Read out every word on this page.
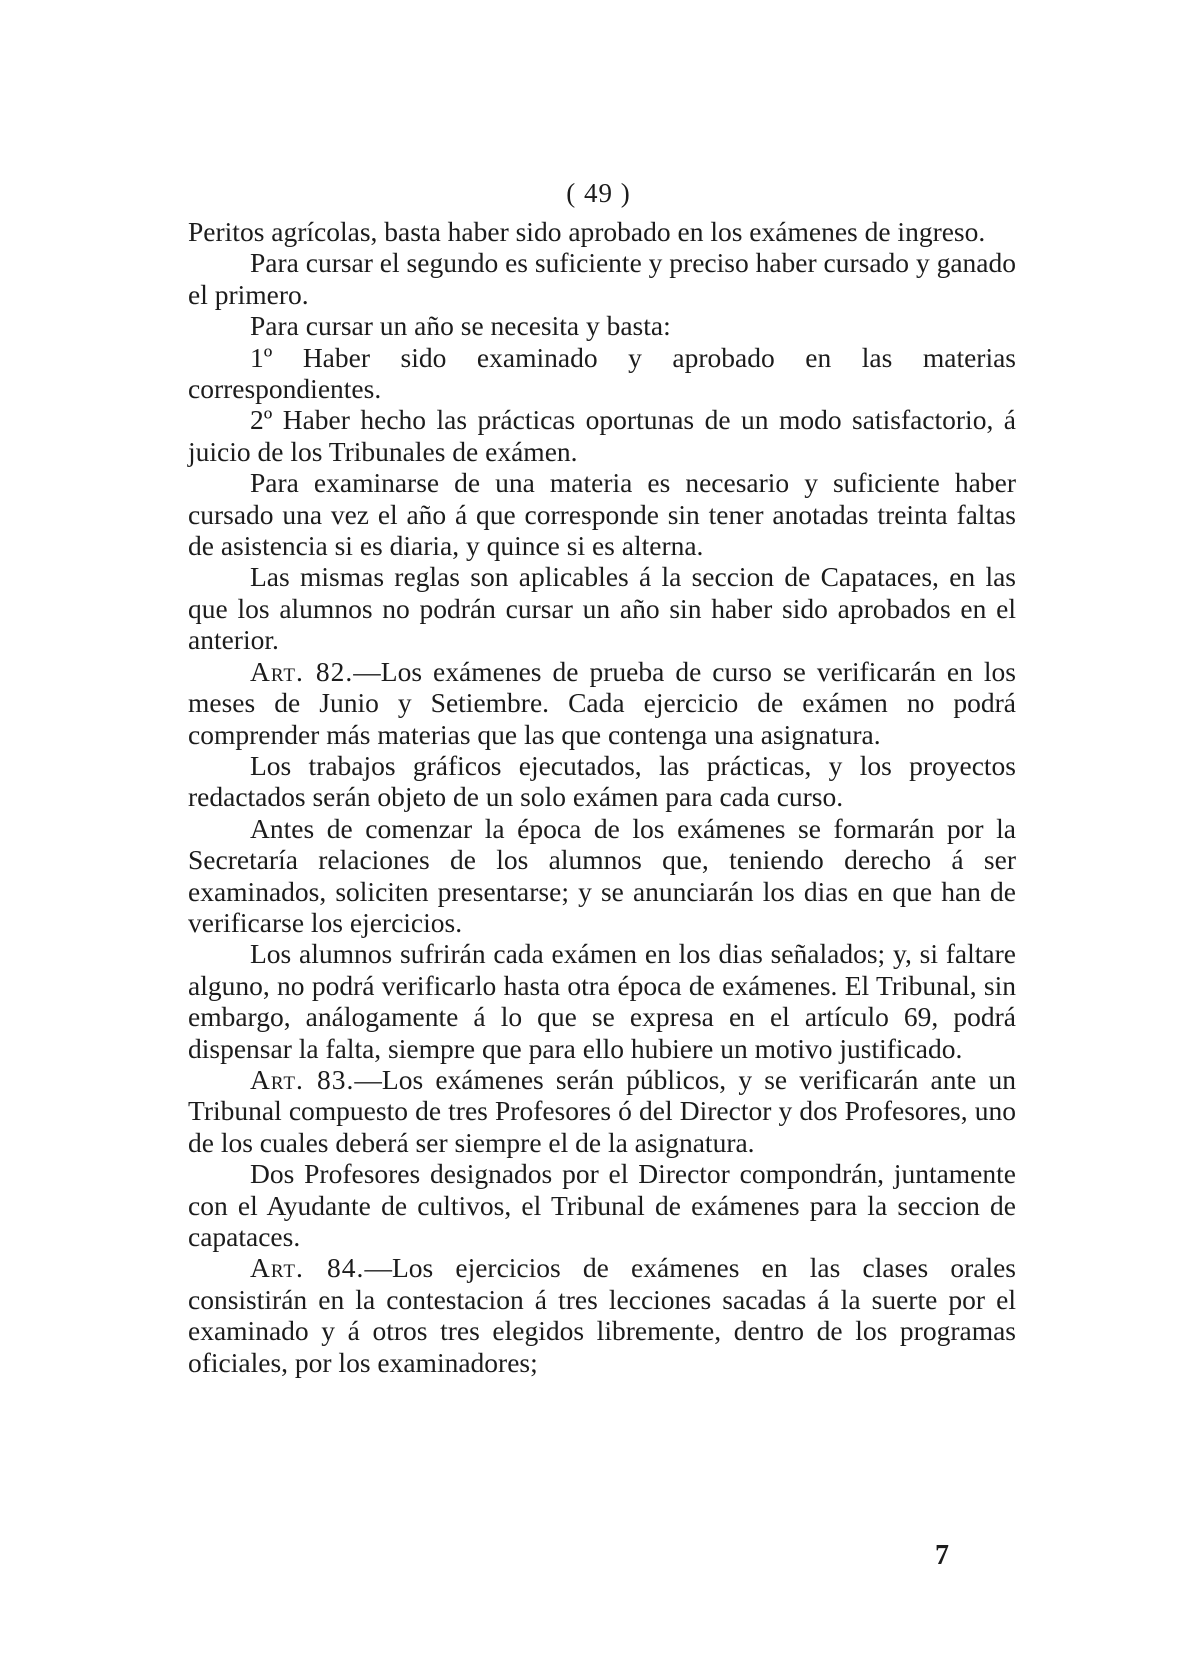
( 49 )

Peritos agrícolas, basta haber sido aprobado en los exámenes de ingreso.

Para cursar el segundo es suficiente y preciso haber cursado y ganado el primero.

Para cursar un año se necesita y basta:

1º Haber sido examinado y aprobado en las materias correspondientes.

2º Haber hecho las prácticas oportunas de un modo satisfactorio, á juicio de los Tribunales de exámen.

Para examinarse de una materia es necesario y suficiente haber cursado una vez el año á que corresponde sin tener anotadas treinta faltas de asistencia si es diaria, y quince si es alterna.

Las mismas reglas son aplicables á la seccion de Capataces, en las que los alumnos no podrán cursar un año sin haber sido aprobados en el anterior.

Art. 82.—Los exámenes de prueba de curso se verificarán en los meses de Junio y Setiembre. Cada ejercicio de exámen no podrá comprender más materias que las que contenga una asignatura.

Los trabajos gráficos ejecutados, las prácticas, y los proyectos redactados serán objeto de un solo exámen para cada curso.

Antes de comenzar la época de los exámenes se formarán por la Secretaría relaciones de los alumnos que, teniendo derecho á ser examinados, soliciten presentarse; y se anunciarán los dias en que han de verificarse los ejercicios.

Los alumnos sufrirán cada exámen en los dias señalados; y, si faltare alguno, no podrá verificarlo hasta otra época de exámenes. El Tribunal, sin embargo, análogamente á lo que se expresa en el artículo 69, podrá dispensar la falta, siempre que para ello hubiere un motivo justificado.

Art. 83.—Los exámenes serán públicos, y se verificarán ante un Tribunal compuesto de tres Profesores ó del Director y dos Profesores, uno de los cuales deberá ser siempre el de la asignatura.

Dos Profesores designados por el Director compondrán, juntamente con el Ayudante de cultivos, el Tribunal de exámenes para la seccion de capataces.

Art. 84.—Los ejercicios de exámenes en las clases orales consistirán en la contestacion á tres lecciones sacadas á la suerte por el examinado y á otros tres elegidos libremente, dentro de los programas oficiales, por los examinadores;

7
